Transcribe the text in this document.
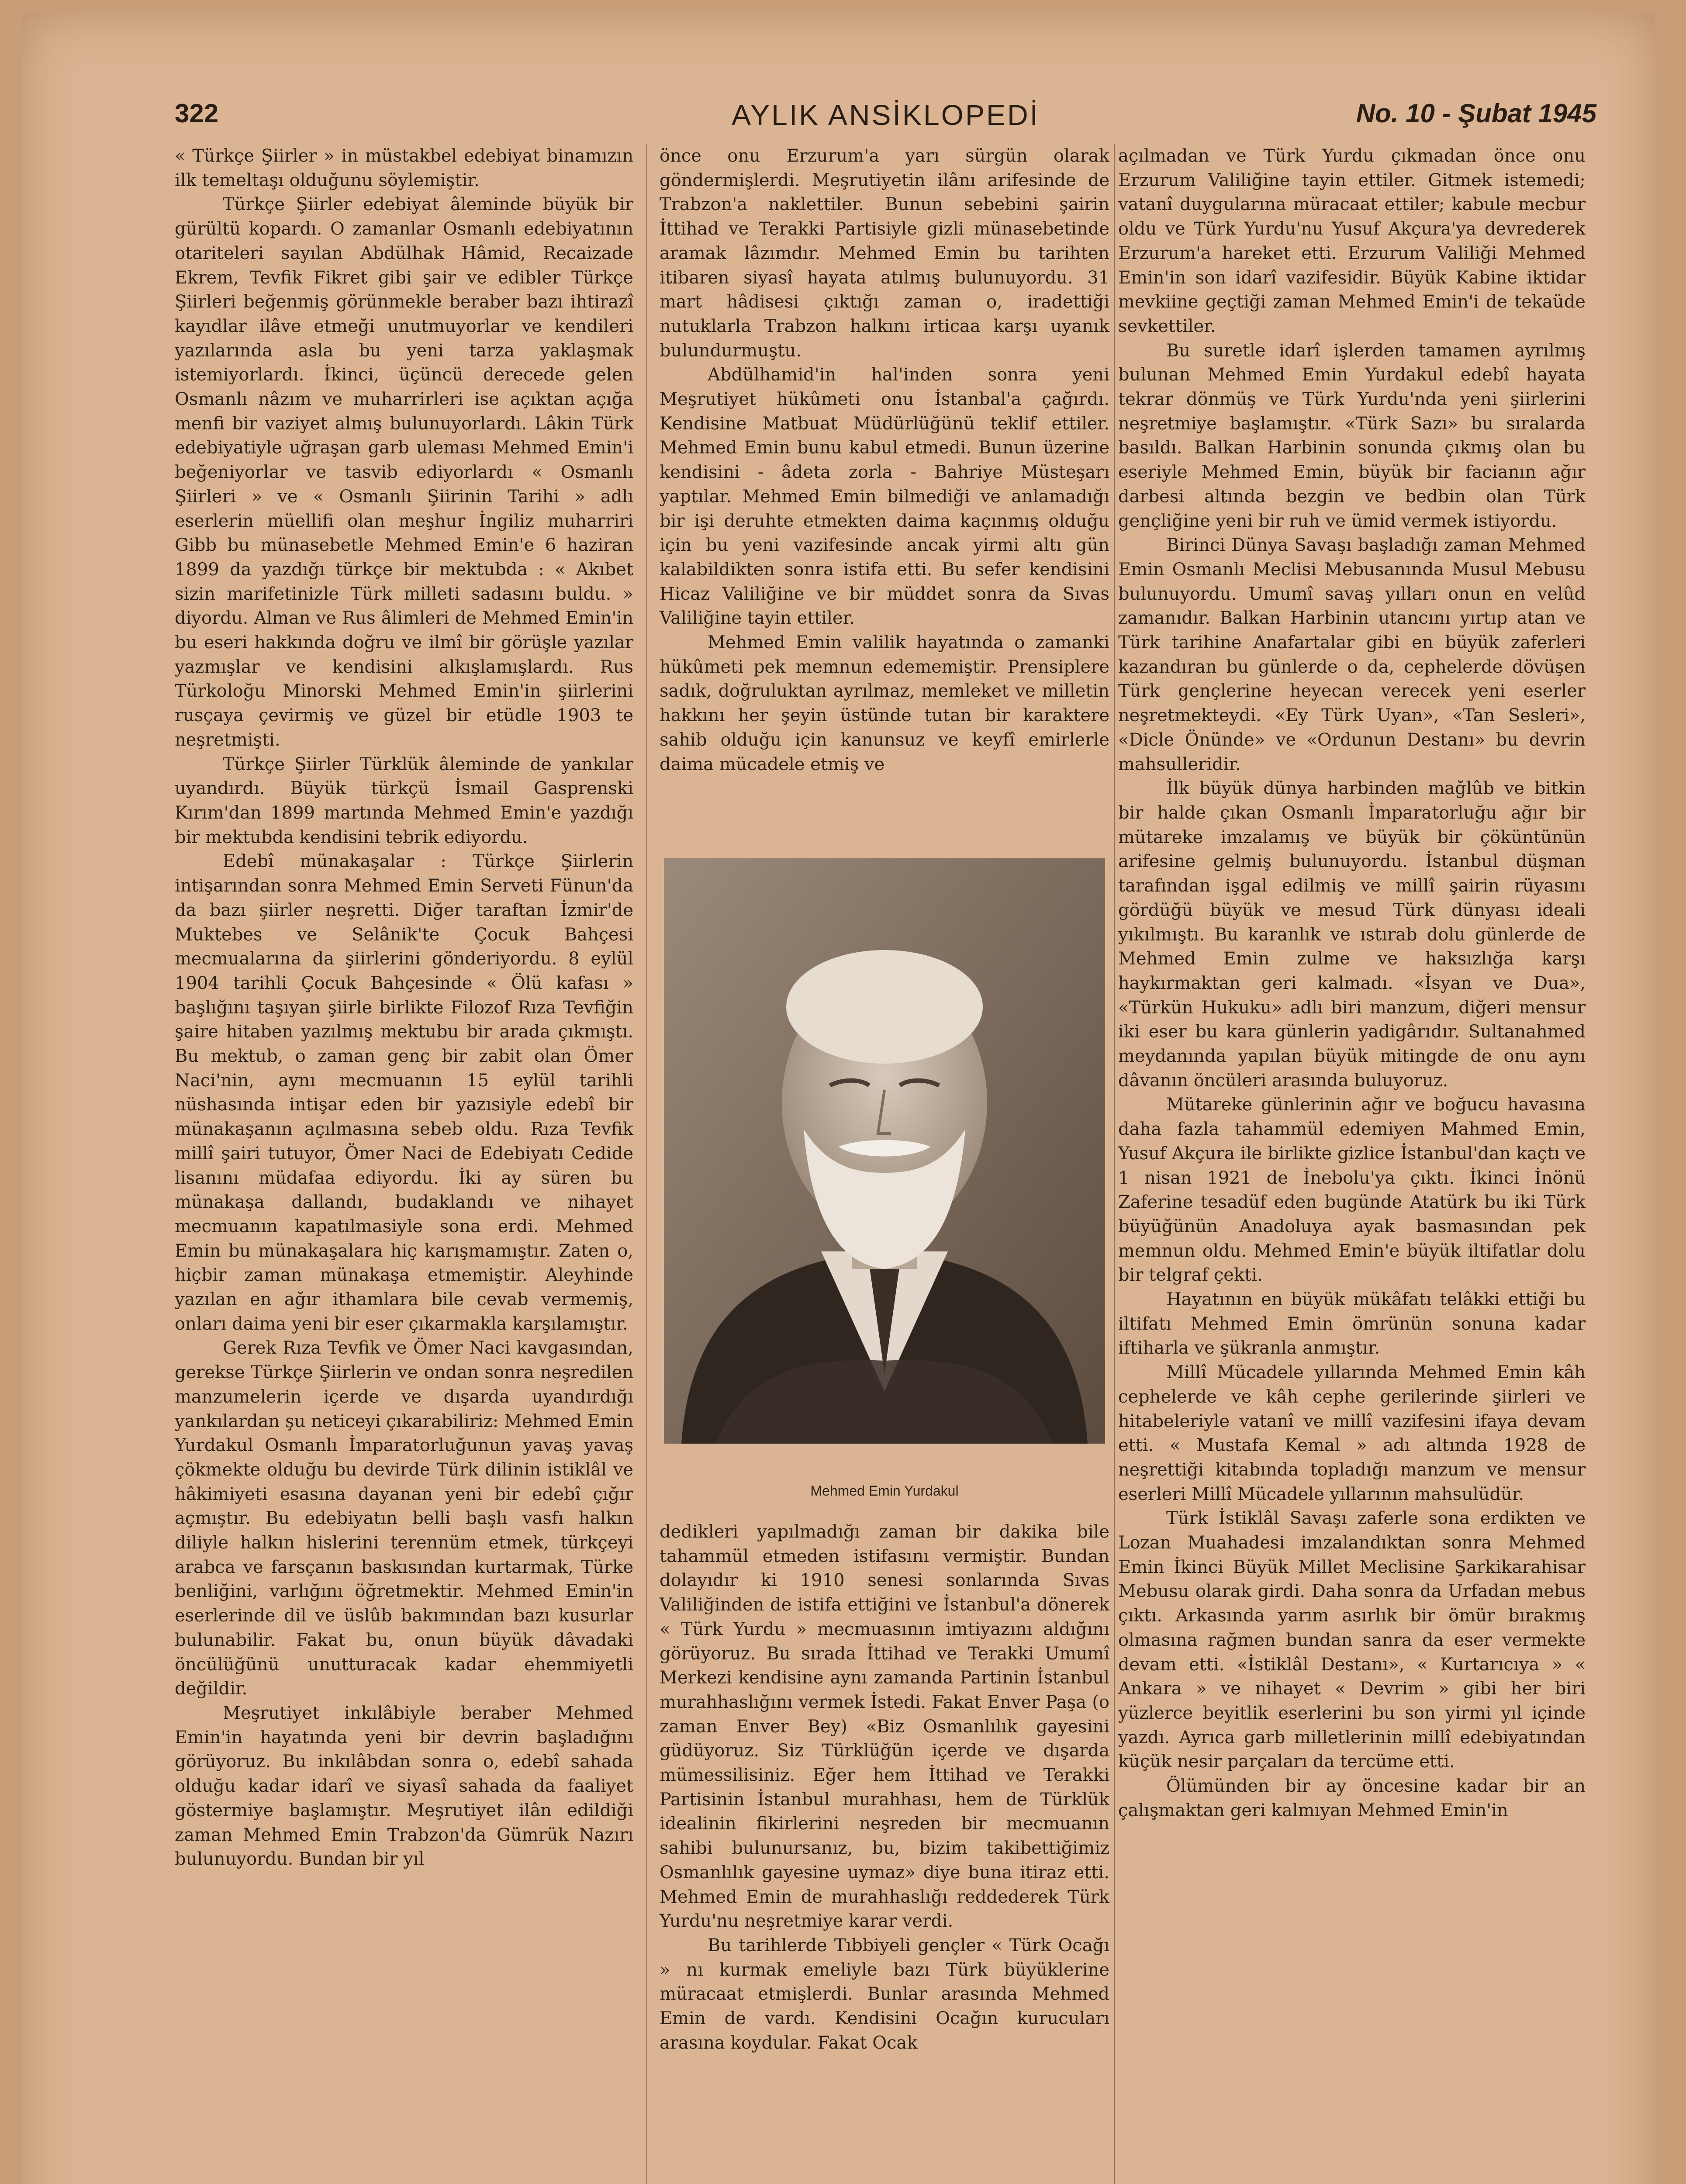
322	AYLIK ANSİKLOPEDİ	No. 10 - Şubat 1945

« Türkçe Şiirler » in müstakbel edebiyat binamızın ilk temeltaşı olduğunu söylemiştir.

Türkçe Şiirler edebiyat âleminde büyük bir gürültü kopardı. O zamanlar Osmanlı edebiyatının otariteleri sayılan Abdülhak Hâmid, Recaizade Ekrem, Tevfik Fikret gibi şair ve edibler Türkçe Şiirleri beğenmiş görünmekle beraber bazı ihtirazî kayıdlar ilâve etmeği unutmuyorlar ve kendileri yazılarında asla bu yeni tarza yaklaşmak istemiyorlardı. İkinci, üçüncü derecede gelen Osmanlı nâzım ve muharrirleri ise açıktan açığa menfi bir vaziyet almış bulunuyorlardı. Lâkin Türk edebiyatiyle uğraşan garb uleması Mehmed Emin'i beğeniyorlar ve tasvib ediyorlardı « Osmanlı Şiirleri » ve « Osmanlı Şiirinin Tarihi » adlı eserlerin müellifi olan meşhur İngiliz muharriri Gibb bu münasebetle Mehmed Emin'e 6 haziran 1899 da yazdığı türkçe bir mektubda : « Akıbet sizin marifetinizle Türk milleti sadasını buldu. » diyordu. Alman ve Rus âlimleri de Mehmed Emin'in bu eseri hakkında doğru ve ilmî bir görüşle yazılar yazmışlar ve kendisini alkışlamışlardı. Rus Türkoloğu Minorski Mehmed Emin'in şiirlerini rusçaya çevirmiş ve güzel bir etüdle 1903 te neşretmişti.

Türkçe Şiirler Türklük âleminde de yankılar uyandırdı. Büyük türkçü İsmail Gasprenski Kırım'dan 1899 martında Mehmed Emin'e yazdığı bir mektubda kendisini tebrik ediyordu.

Edebî münakaşalar : Türkçe Şiirlerin intişarından sonra Mehmed Emin Serveti Fünun'da da bazı şiirler neşretti. Diğer taraftan İzmir'de Muktebes ve Selânik'te Çocuk Bahçesi mecmualarına da şiirlerini gönderiyordu. 8 eylül 1904 tarihli Çocuk Bahçesinde « Ölü kafası » başlığını taşıyan şiirle birlikte Filozof Rıza Tevfiğin şaire hitaben yazılmış mektubu bir arada çıkmıştı. Bu mektub, o zaman genç bir zabit olan Ömer Naci'nin, aynı mecmuanın 15 eylül tarihli nüshasında intişar eden bir yazısiyle edebî bir münakaşanın açılmasına sebeb oldu. Rıza Tevfik millî şairi tutuyor, Ömer Naci de Edebiyatı Cedide lisanını müdafaa ediyordu. İki ay süren bu münakaşa dallandı, budaklandı ve nihayet mecmuanın kapatılmasiyle sona erdi. Mehmed Emin bu münakaşalara hiç karışmamıştır. Zaten o, hiçbir zaman münakaşa etmemiştir. Aleyhinde yazılan en ağır ithamlara bile cevab vermemiş, onları daima yeni bir eser çıkarmakla karşılamıştır.

Gerek Rıza Tevfik ve Ömer Naci kavgasından, gerekse Türkçe Şiirlerin ve ondan sonra neşredilen manzumelerin içerde ve dışarda uyandırdığı yankılardan şu neticeyi çıkarabiliriz: Mehmed Emin Yurdakul Osmanlı İmparatorluğunun yavaş yavaş çökmekte olduğu bu devirde Türk dilinin istiklâl ve hâkimiyeti esasına dayanan yeni bir edebî çığır açmıştır. Bu edebiyatın belli başlı vasfı halkın diliyle halkın hislerini terennüm etmek, türkçeyi arabca ve farsçanın baskısından kurtarmak, Türke benliğini, varlığını öğretmektir. Mehmed Emin'in eserlerinde dil ve üslûb bakımından bazı kusurlar bulunabilir. Fakat bu, onun büyük dâvadaki öncülüğünü unutturacak kadar ehemmiyetli değildir.

Meşrutiyet inkılâbiyle beraber Mehmed Emin'in hayatında yeni bir devrin başladığını görüyoruz. Bu inkılâbdan sonra o, edebî sahada olduğu kadar idarî ve siyasî sahada da faaliyet göstermiye başlamıştır. Meşrutiyet ilân edildiği zaman Mehmed Emin Trabzon'da Gümrük Nazırı bulunuyordu. Bundan bir yıl

önce onu Erzurum'a yarı sürgün olarak göndermişlerdi. Meşrutiyetin ilânı arifesinde de Trabzon'a naklettiler. Bunun sebebini şairin İttihad ve Terakki Partisiyle gizli münasebetinde aramak lâzımdır. Mehmed Emin bu tarihten itibaren siyasî hayata atılmış bulunuyordu. 31 mart hâdisesi çıktığı zaman o, iradettiği nutuklarla Trabzon halkını irticaa karşı uyanık bulundurmuştu.

Abdülhamid'in hal'inden sonra yeni Meşrutiyet hükûmeti onu İstanbal'a çağırdı. Kendisine Matbuat Müdürlüğünü teklif ettiler. Mehmed Emin bunu kabul etmedi. Bunun üzerine kendisini - âdeta zorla - Bahriye Müsteşarı yaptılar. Mehmed Emin bilmediği ve anlamadığı bir işi deruhte etmekten daima kaçınmış olduğu için bu yeni vazifesinde ancak yirmi altı gün kalabildikten sonra istifa etti. Bu sefer kendisini Hicaz Valiliğine ve bir müddet sonra da Sıvas Valiliğine tayin ettiler.

Mehmed Emin valilik hayatında o zamanki hükûmeti pek memnun edememiştir. Prensiplere sadık, doğruluktan ayrılmaz, memleket ve milletin hakkını her şeyin üstünde tutan bir karaktere sahib olduğu için kanunsuz ve keyfî emirlerle daima mücadele etmiş ve

Mehmed Emin Yurdakul

dedikleri yapılmadığı zaman bir dakika bile tahammül etmeden istifasını vermiştir. Bundan dolayıdır ki 1910 senesi sonlarında Sıvas Valiliğinden de istifa ettiğini ve İstanbul'a dönerek « Türk Yurdu » mecmuasının imtiyazını aldığını görüyoruz. Bu sırada İttihad ve Terakki Umumî Merkezi kendisine aynı zamanda Partinin İstanbul murahhaslığını vermek İstedi. Fakat Enver Paşa (o zaman Enver Bey) «Biz Osmanlılık gayesini güdüyoruz. Siz Türklüğün içerde ve dışarda mümessilisiniz. Eğer hem İttihad ve Terakki Partisinin İstanbul murahhası, hem de Türklük idealinin fikirlerini neşreden bir mecmuanın sahibi bulunursanız, bu, bizim takibettiğimiz Osmanlılık gayesine uymaz» diye buna itiraz etti. Mehmed Emin de murahhaslığı reddederek Türk Yurdu'nu neşretmiye karar verdi.

Bu tarihlerde Tıbbiyeli gençler « Türk Ocağı » nı kurmak emeliyle bazı Türk büyüklerine müracaat etmişlerdi. Bunlar arasında Mehmed Emin de vardı. Kendisini Ocağın kurucuları arasına koydular. Fakat Ocak

açılmadan ve Türk Yurdu çıkmadan önce onu Erzurum Valiliğine tayin ettiler. Gitmek istemedi; vatanî duygularına müracaat ettiler; kabule mecbur oldu ve Türk Yurdu'nu Yusuf Akçura'ya devrederek Erzurum'a hareket etti. Erzurum Valiliği Mehmed Emin'in son idarî vazifesidir. Büyük Kabine iktidar mevkiine geçtiği zaman Mehmed Emin'i de tekaüde sevkettiler.

Bu suretle idarî işlerden tamamen ayrılmış bulunan Mehmed Emin Yurdakul edebî hayata tekrar dönmüş ve Türk Yurdu'nda yeni şiirlerini neşretmiye başlamıştır. «Türk Sazı» bu sıralarda basıldı. Balkan Harbinin sonunda çıkmış olan bu eseriyle Mehmed Emin, büyük bir facianın ağır darbesi altında bezgin ve bedbin olan Türk gençliğine yeni bir ruh ve ümid vermek istiyordu.

Birinci Dünya Savaşı başladığı zaman Mehmed Emin Osmanlı Meclisi Mebusanında Musul Mebusu bulunuyordu. Umumî savaş yılları onun en velûd zamanıdır. Balkan Harbinin utancını yırtıp atan ve Türk tarihine Anafartalar gibi en büyük zaferleri kazandıran bu günlerde o da, cephelerde dövüşen Türk gençlerine heyecan verecek yeni eserler neşretmekteydi. «Ey Türk Uyan», «Tan Sesleri», «Dicle Önünde» ve «Ordunun Destanı» bu devrin mahsulleridir.

İlk büyük dünya harbinden mağlûb ve bitkin bir halde çıkan Osmanlı İmparatorluğu ağır bir mütareke imzalamış ve büyük bir çöküntünün arifesine gelmiş bulunuyordu. İstanbul düşman tarafından işgal edilmiş ve millî şairin rüyasını gördüğü büyük ve mesud Türk dünyası ideali yıkılmıştı. Bu karanlık ve ıstırab dolu günlerde de Mehmed Emin zulme ve haksızlığa karşı haykırmaktan geri kalmadı. «İsyan ve Dua», «Türkün Hukuku» adlı biri manzum, diğeri mensur iki eser bu kara günlerin yadigârıdır. Sultanahmed meydanında yapılan büyük mitingde de onu aynı dâvanın öncüleri arasında buluyoruz.

Mütareke günlerinin ağır ve boğucu havasına daha fazla tahammül edemiyen Mahmed Emin, Yusuf Akçura ile birlikte gizlice İstanbul'dan kaçtı ve 1 nisan 1921 de İnebolu'ya çıktı. İkinci İnönü Zaferine tesadüf eden bugünde Atatürk bu iki Türk büyüğünün Anadoluya ayak basmasından pek memnun oldu. Mehmed Emin'e büyük iltifatlar dolu bir telgraf çekti.

Hayatının en büyük mükâfatı telâkki ettiği bu iltifatı Mehmed Emin ömrünün sonuna kadar iftiharla ve şükranla anmıştır.

Millî Mücadele yıllarında Mehmed Emin kâh cephelerde ve kâh cephe gerilerinde şiirleri ve hitabeleriyle vatanî ve millî vazifesini ifaya devam etti. « Mustafa Kemal » adı altında 1928 de neşrettiği kitabında topladığı manzum ve mensur eserleri Millî Mücadele yıllarının mahsulüdür.

Türk İstiklâl Savaşı zaferle sona erdikten ve Lozan Muahadesi imzalandıktan sonra Mehmed Emin İkinci Büyük Millet Meclisine Şarkikarahisar Mebusu olarak girdi. Daha sonra da Urfadan mebus çıktı. Arkasında yarım asırlık bir ömür bırakmış olmasına rağmen bundan sanra da eser vermekte devam etti. «İstiklâl Destanı», « Kurtarıcıya » « Ankara » ve nihayet « Devrim » gibi her biri yüzlerce beyitlik eserlerini bu son yirmi yıl içinde yazdı. Ayrıca garb milletlerinin millî edebiyatından küçük nesir parçaları da tercüme etti.

Ölümünden bir ay öncesine kadar bir an çalışmaktan geri kalmıyan Mehmed Emin'in
